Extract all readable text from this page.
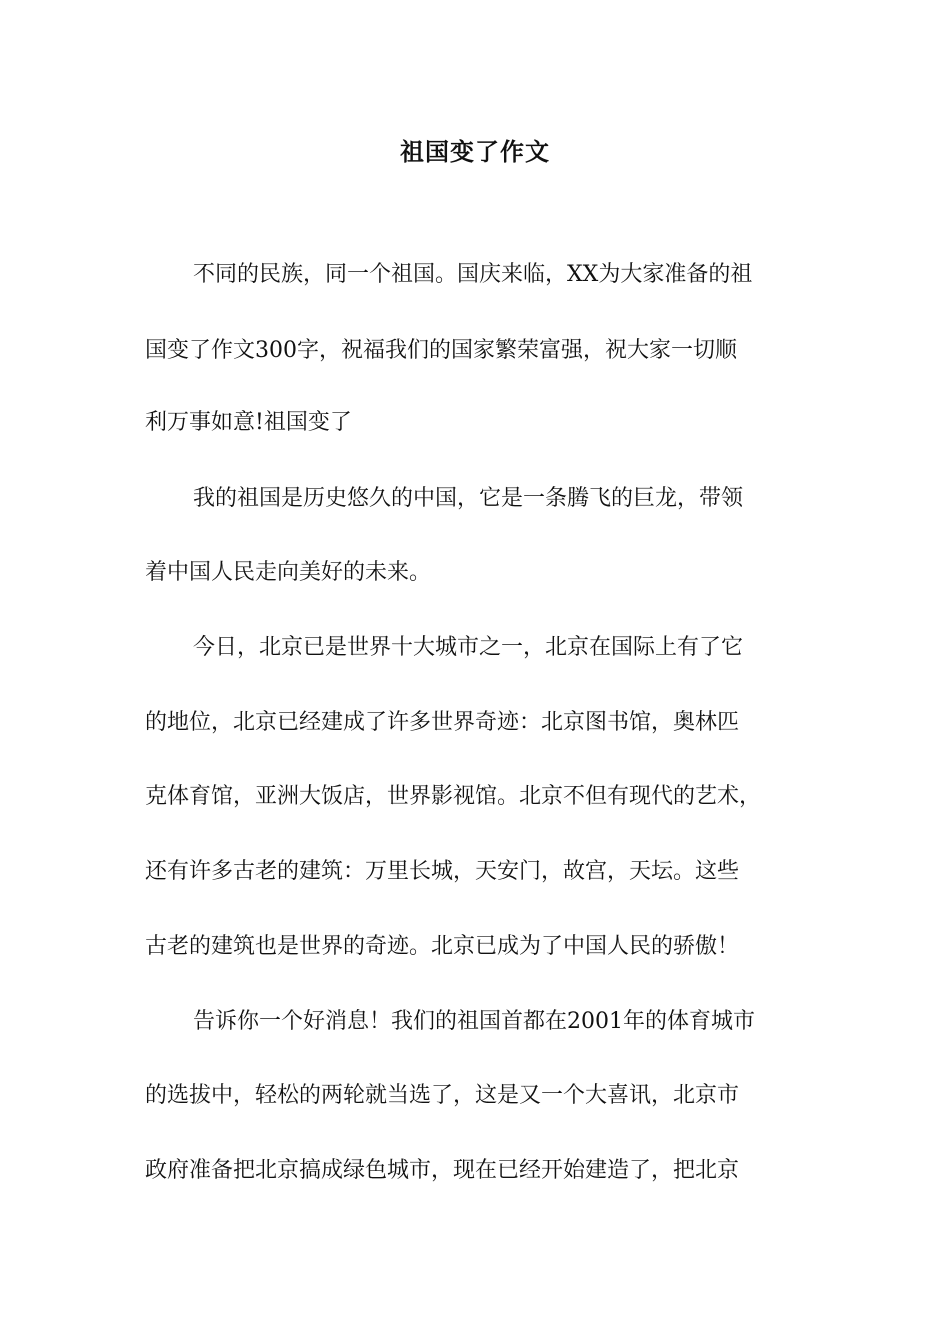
祖国变了作文
不同的民族，同一个祖国。国庆来临，XX为大家准备的祖
国变了作文300字，祝福我们的国家繁荣富强，祝大家一切顺
利万事如意!祖国变了
我的祖国是历史悠久的中国，它是一条腾飞的巨龙，带领
着中国人民走向美好的未来。
今日，北京已是世界十大城市之一，北京在国际上有了它
的地位，北京已经建成了许多世界奇迹：北京图书馆，奥林匹
克体育馆，亚洲大饭店，世界影视馆。北京不但有现代的艺术，
还有许多古老的建筑：万里长城，天安门，故宫，天坛。这些
古老的建筑也是世界的奇迹。北京已成为了中国人民的骄傲！
告诉你一个好消息！我们的祖国首都在2001年的体育城市
的选拔中，轻松的两轮就当选了，这是又一个大喜讯，北京市
政府准备把北京搞成绿色城市，现在已经开始建造了，把北京
